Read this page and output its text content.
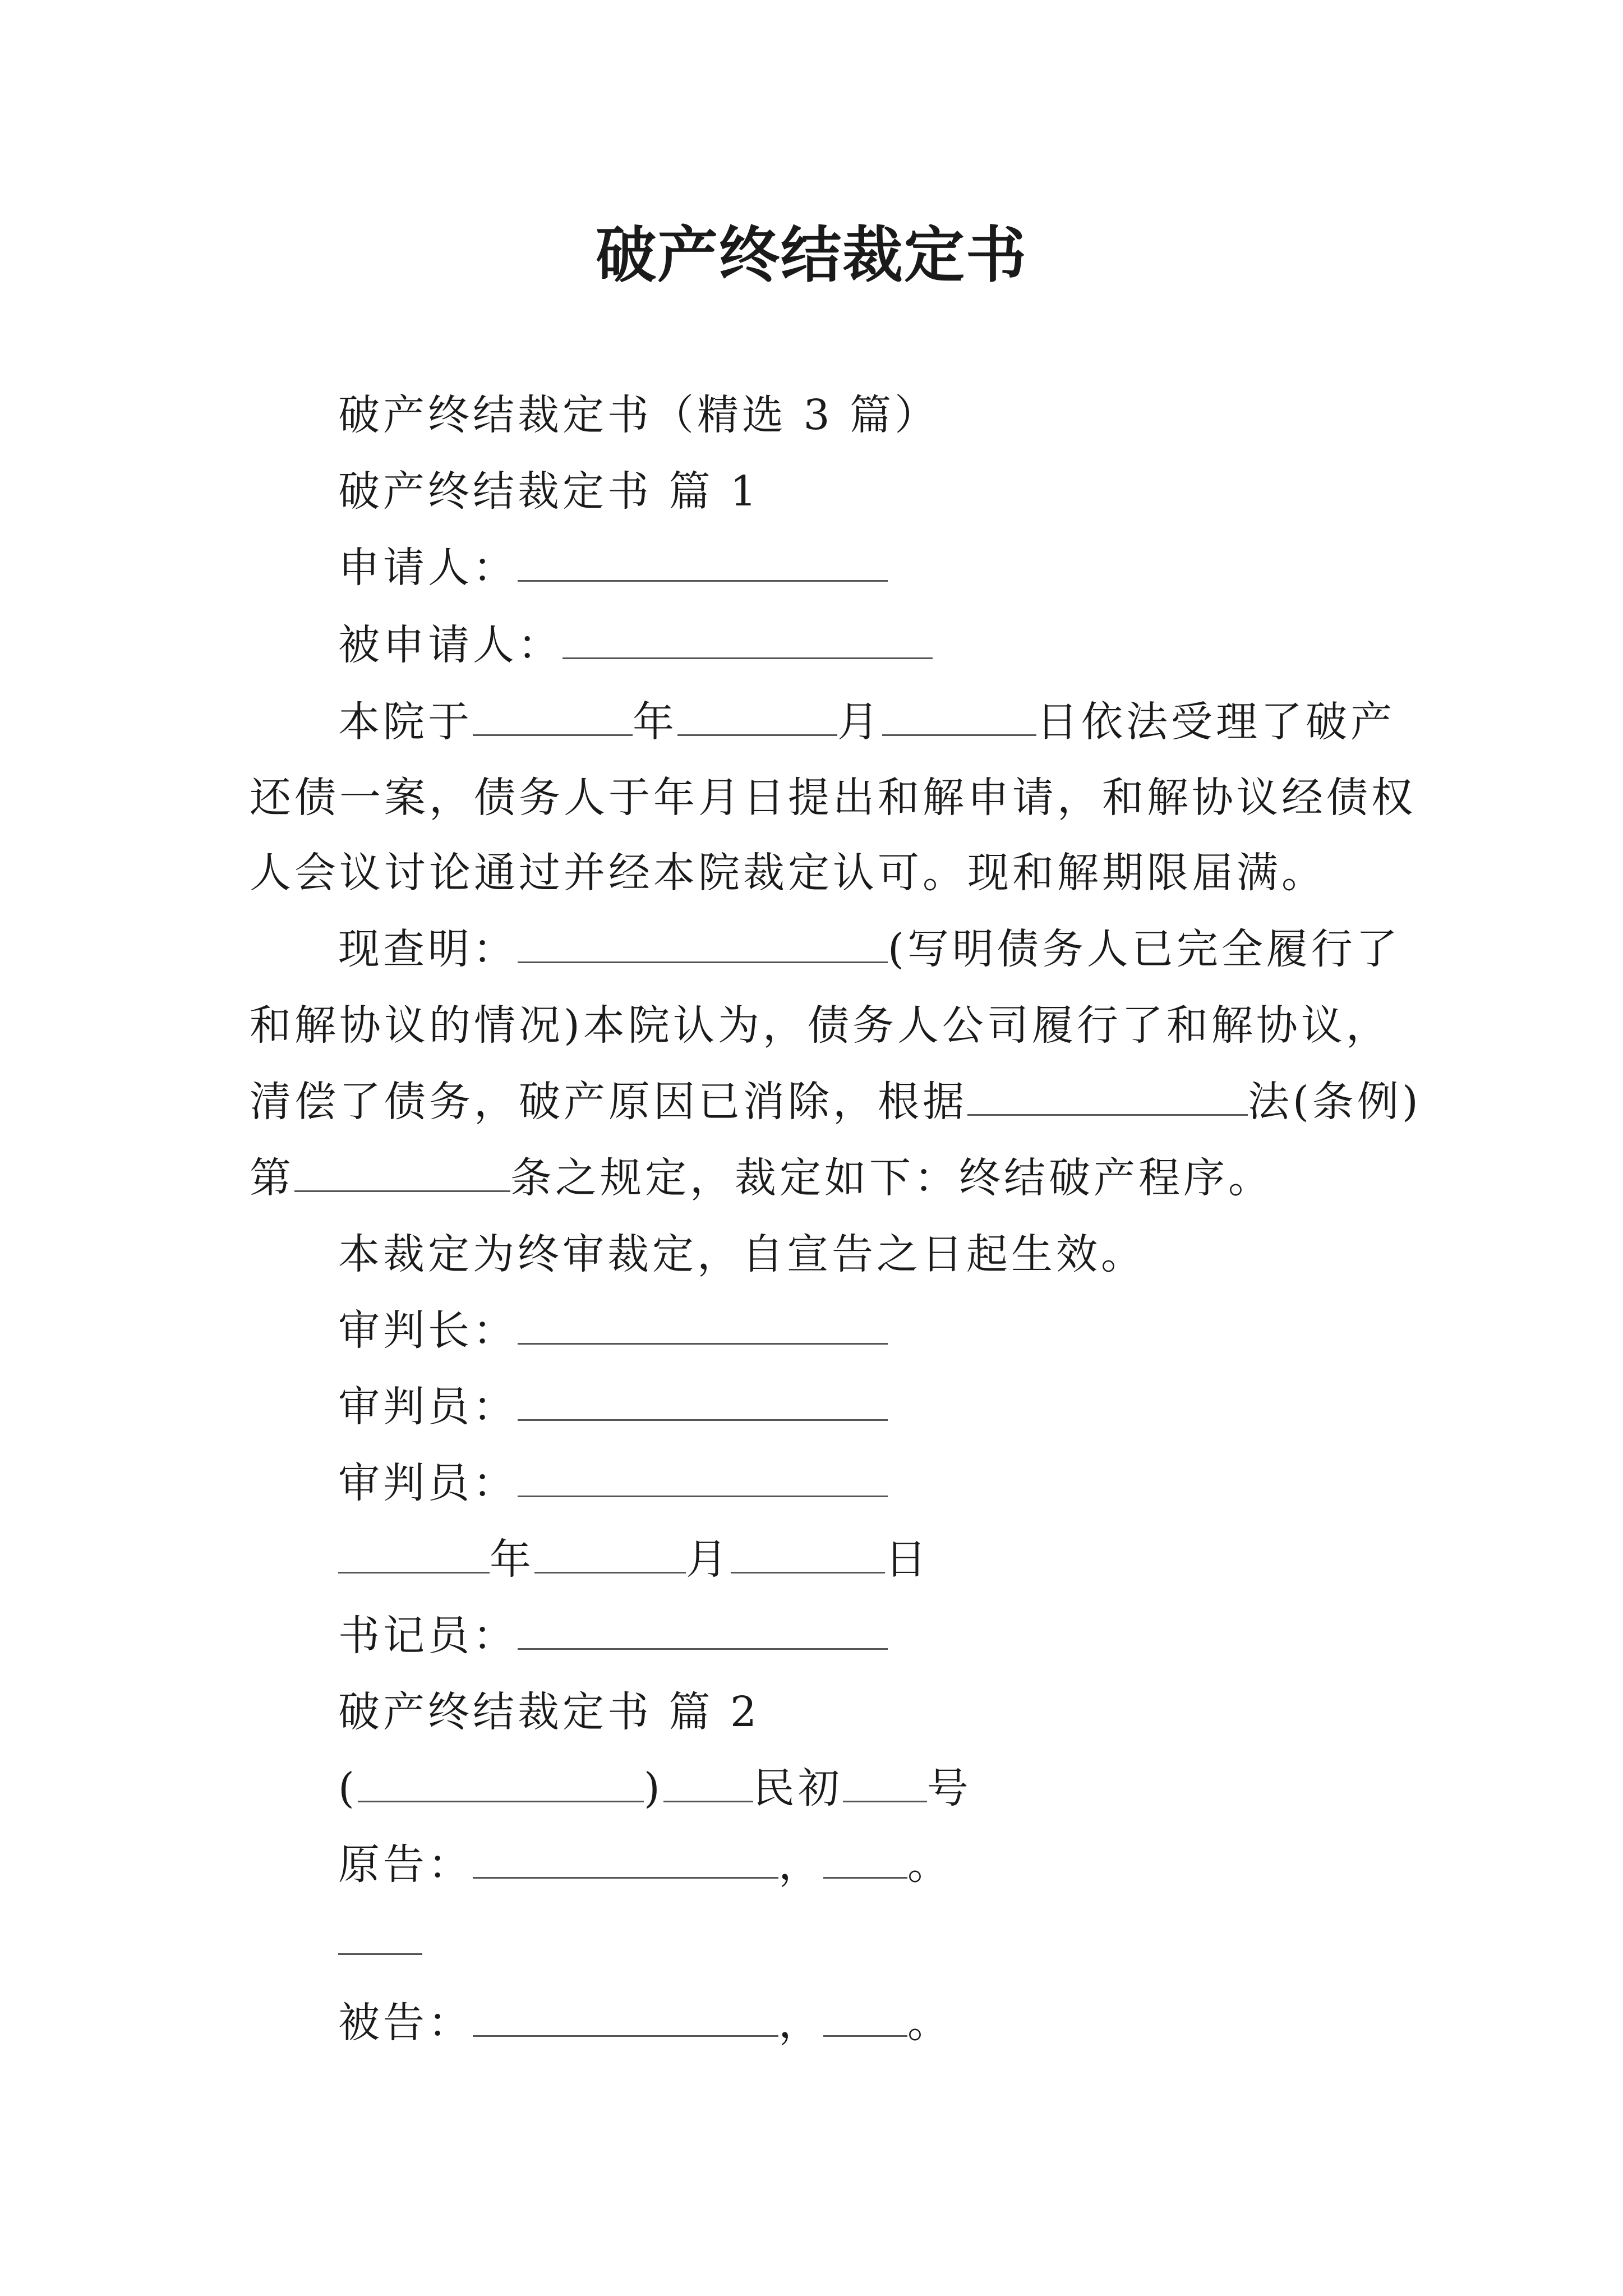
破产终结裁定书
破产终结裁定书（精选 3 篇）
破产终结裁定书 篇 1
申请人：
被申请人：
本院于	年	月	日依法受理了破产
还债一案，债务人于年月日提出和解申请，和解协议经债权
人会议讨论通过并经本院裁定认可。现和解期限届满。
现查明：	(写明债务人已完全履行了
和解协议的情况)本院认为，债务人公司履行了和解协议，
清偿了债务，破产原因已消除，根据	法(条例)
第	条之规定，裁定如下：终结破产程序。
本裁定为终审裁定，自宣告之日起生效。
审判长：
审判员：
审判员：
年	月	日
书记员：
破产终结裁定书 篇 2
(	) 民初 号
原告：	， 。
被告：	， 。
